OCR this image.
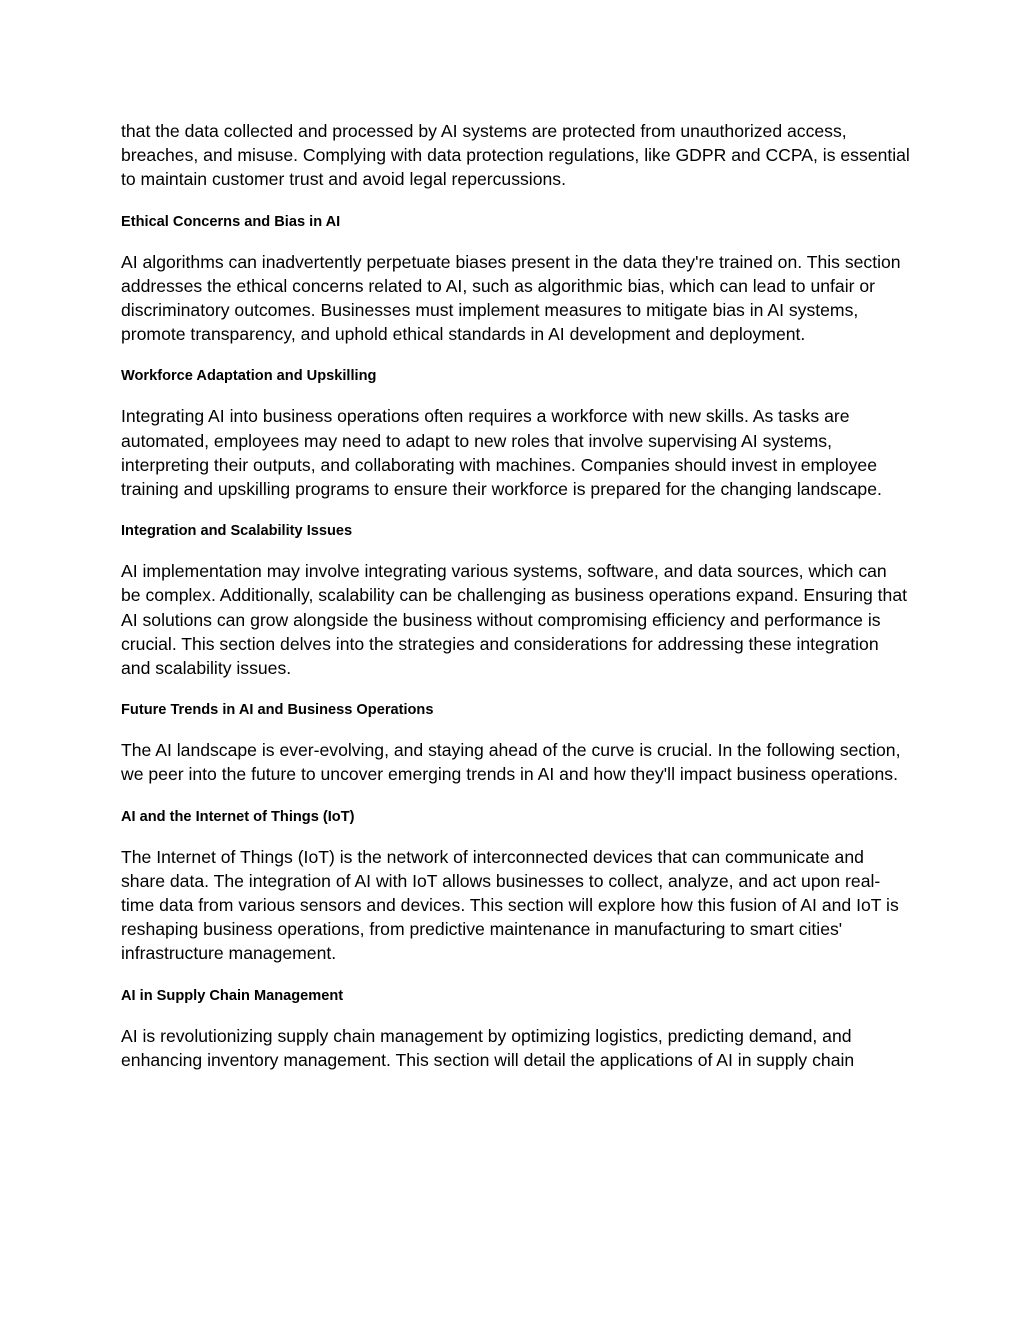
that the data collected and processed by AI systems are protected from unauthorized access, breaches, and misuse. Complying with data protection regulations, like GDPR and CCPA, is essential to maintain customer trust and avoid legal repercussions.

Ethical Concerns and Bias in AI

AI algorithms can inadvertently perpetuate biases present in the data they're trained on. This section addresses the ethical concerns related to AI, such as algorithmic bias, which can lead to unfair or discriminatory outcomes. Businesses must implement measures to mitigate bias in AI systems, promote transparency, and uphold ethical standards in AI development and deployment.

Workforce Adaptation and Upskilling

Integrating AI into business operations often requires a workforce with new skills. As tasks are automated, employees may need to adapt to new roles that involve supervising AI systems, interpreting their outputs, and collaborating with machines. Companies should invest in employee training and upskilling programs to ensure their workforce is prepared for the changing landscape.

Integration and Scalability Issues

AI implementation may involve integrating various systems, software, and data sources, which can be complex. Additionally, scalability can be challenging as business operations expand. Ensuring that AI solutions can grow alongside the business without compromising efficiency and performance is crucial. This section delves into the strategies and considerations for addressing these integration and scalability issues.

Future Trends in AI and Business Operations

The AI landscape is ever-evolving, and staying ahead of the curve is crucial. In the following section, we peer into the future to uncover emerging trends in AI and how they'll impact business operations.

AI and the Internet of Things (IoT)

The Internet of Things (IoT) is the network of interconnected devices that can communicate and share data. The integration of AI with IoT allows businesses to collect, analyze, and act upon real-time data from various sensors and devices. This section will explore how this fusion of AI and IoT is reshaping business operations, from predictive maintenance in manufacturing to smart cities' infrastructure management.

AI in Supply Chain Management

AI is revolutionizing supply chain management by optimizing logistics, predicting demand, and enhancing inventory management. This section will detail the applications of AI in supply chain
